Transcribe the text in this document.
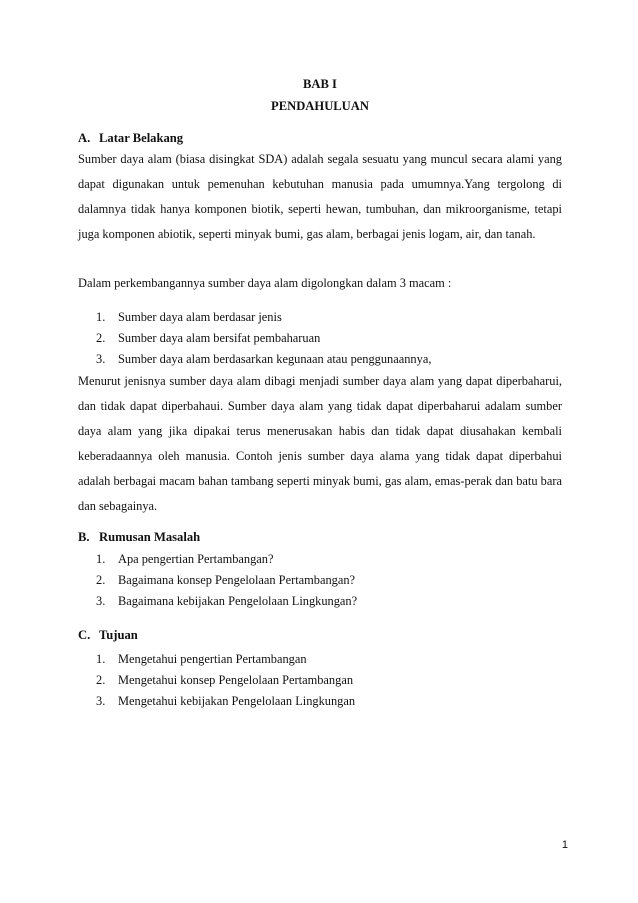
BAB I

PENDAHULUAN

A. Latar Belakang

Sumber daya alam (biasa disingkat SDA) adalah segala sesuatu yang muncul secara alami yang dapat digunakan untuk pemenuhan kebutuhan manusia pada umumnya.Yang tergolong di dalamnya tidak hanya komponen biotik, seperti hewan, tumbuhan, dan mikroorganisme, tetapi juga komponen abiotik, seperti minyak bumi, gas alam, berbagai jenis logam, air, dan tanah.

Dalam perkembangannya sumber daya alam digolongkan dalam 3 macam :

1. Sumber daya alam berdasar jenis
2. Sumber daya alam bersifat pembaharuan
3. Sumber daya alam berdasarkan kegunaan atau penggunaannya,

Menurut jenisnya sumber daya alam dibagi menjadi sumber daya alam yang dapat diperbaharui, dan tidak dapat diperbahaui. Sumber daya alam yang tidak dapat diperbaharui adalam sumber daya alam yang jika dipakai terus menerusakan habis dan tidak dapat diusahakan kembali keberadaannya oleh manusia. Contoh jenis sumber daya alama yang tidak dapat diperbahui adalah berbagai macam bahan tambang seperti minyak bumi, gas alam, emas-perak dan batu bara dan sebagainya.

B. Rumusan Masalah

1. Apa pengertian Pertambangan?
2. Bagaimana konsep Pengelolaan Pertambangan?
3. Bagaimana kebijakan Pengelolaan Lingkungan?

C. Tujuan

1. Mengetahui pengertian Pertambangan
2. Mengetahui konsep Pengelolaan Pertambangan
3. Mengetahui kebijakan Pengelolaan Lingkungan

1
